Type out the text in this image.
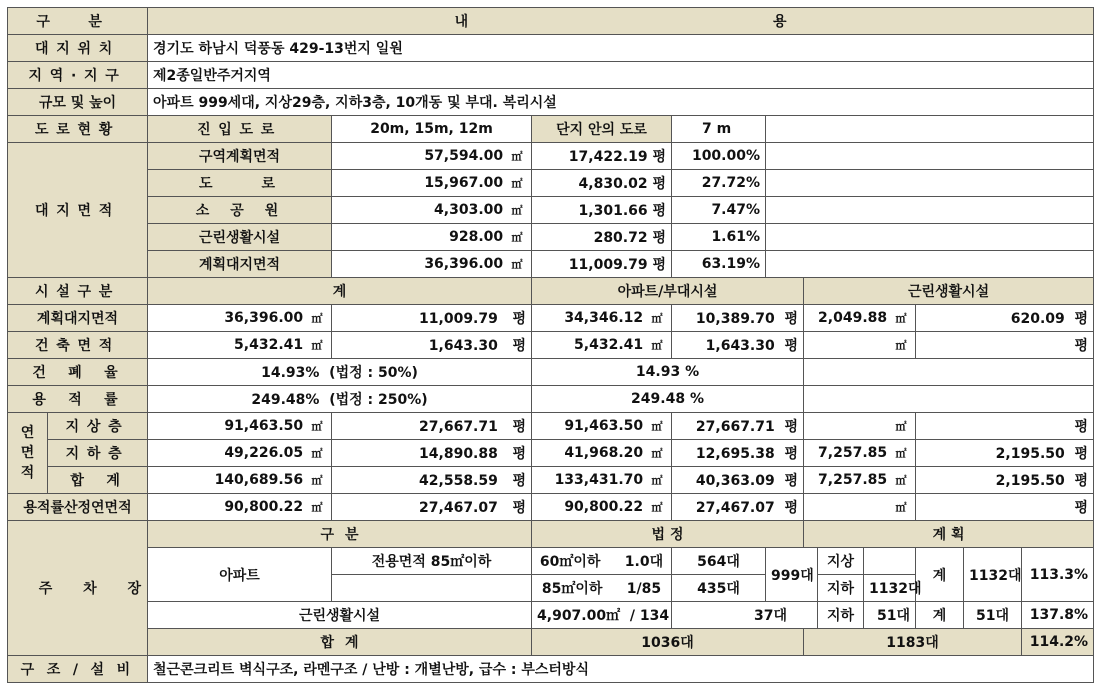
구 분		내 용										
대지위치		경기도 하남시 덕풍동 429-13번지 일원										
지역·지구		제2종일반주거지역										
규모 및 높이		아파트 999세대, 지상29층, 지하3층, 10개동 및 부대. 복리시설										
도로현황		진입도로	20m, 15m, 12m	단지 안의 도로	7 m							
대지면적		구역계획면적	57,594.00 ㎡	17,422.19 평	100.00%							
		도로	15,967.00 ㎡	4,830.02 평	27.72%							
		소공원	4,303.00 ㎡	1,301.66 평	7.47%							
		근린생활시설	928.00 ㎡	280.72 평	1.61%							
		계획대지면적	36,396.00 ㎡	11,009.79 평	63.19%							
시설구분		계		아파트/부대시설			근린생활시설					
계획대지면적		36,396.00 ㎡	11,009.79 평	34,346.12 ㎡	10,389.70 평		2,049.88 ㎡			620.09 평		
건축면적		5,432.41 ㎡	1,643.30 평	5,432.41 ㎡	1,643.30 평		㎡			평		
건폐율		14.93%  (법정 : 50%)		14.93 %								
용적률		249.48%  (법정 : 250%)		249.48 %								
연면적	지상층	91,463.50 ㎡	27,667.71 평	91,463.50 ㎡	27,667.71 평		㎡			평		
	지하층	49,226.05 ㎡	14,890.88 평	41,968.20 ㎡	12,695.38 평		7,257.85 ㎡			2,195.50 평		
	합계	140,689.56 ㎡	42,558.59 평	133,431.70 ㎡	40,363.09 평		7,257.85 ㎡			2,195.50 평		
용적률산정연면적		90,800.22 ㎡	27,467.07 평	90,800.22 ㎡	27,467.07 평		㎡			평		
주차장		구 분		법 정			계 획					
		아파트	전용면적 85㎡이하	60㎡이하 1.0대	564대	999대		지상		계	1132대	113.3%
				85㎡이하 1/85	435대			지하	1132대			
		근린생활시설		4,907.00㎡  / 134	37대			지하	51대	계	51대	137.8%
		합 계		1036대			1183대					114.2%
구조/설비		철근콘크리트 벽식구조, 라멘구조 / 난방 : 개별난방, 급수 : 부스터방식										
